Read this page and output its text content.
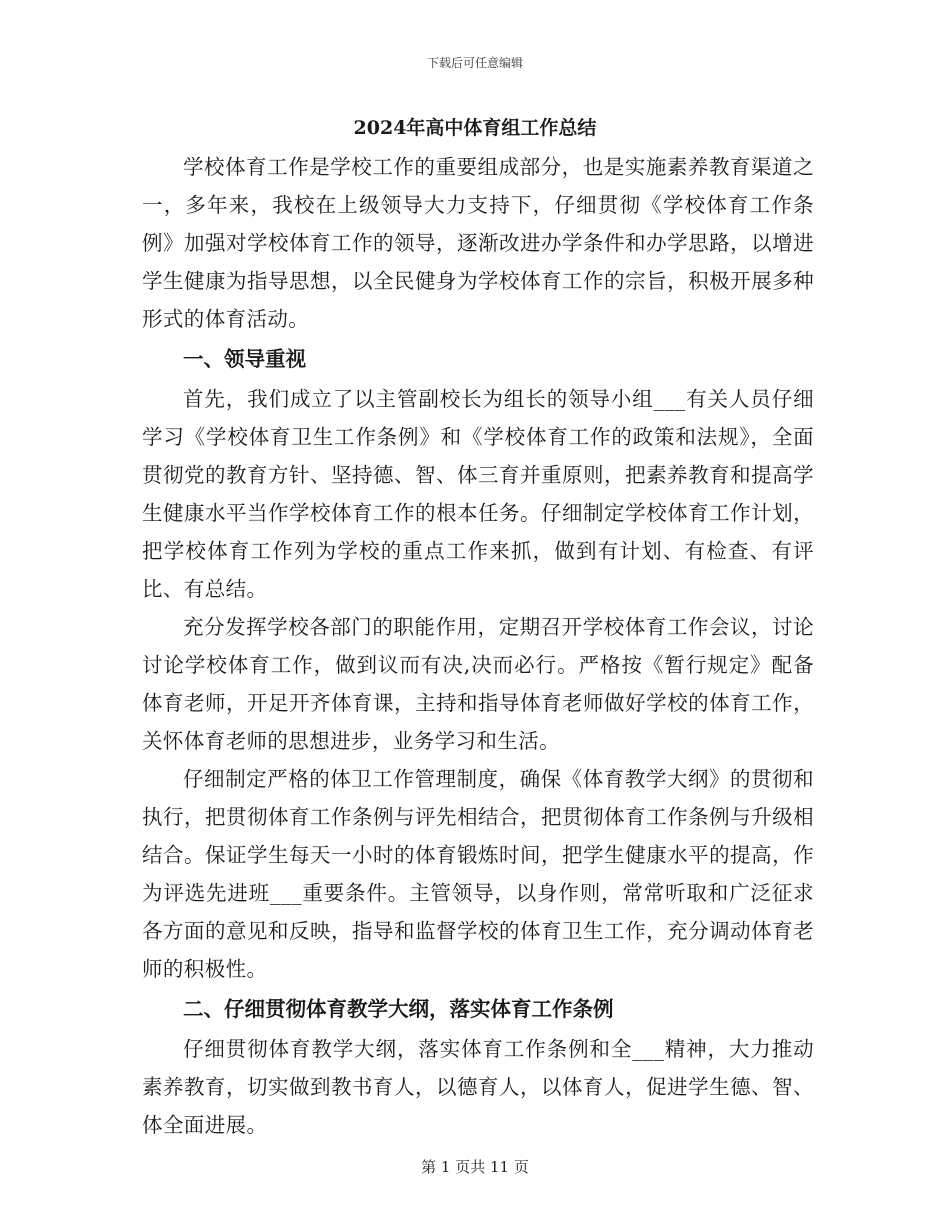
下载后可任意编辑
2024年高中体育组工作总结

学校体育工作是学校工作的重要组成部分，也是实施素养教育渠道之一，多年来，我校在上级领导大力支持下，仔细贯彻《学校体育工作条例》加强对学校体育工作的领导，逐渐改进办学条件和办学思路，以增进学生健康为指导思想，以全民健身为学校体育工作的宗旨，积极开展多种形式的体育活动。

一、领导重视

首先，我们成立了以主管副校长为组长的领导小组___有关人员仔细学习《学校体育卫生工作条例》和《学校体育工作的政策和法规》，全面贯彻党的教育方针、坚持德、智、体三育并重原则，把素养教育和提高学生健康水平当作学校体育工作的根本任务。仔细制定学校体育工作计划，把学校体育工作列为学校的重点工作来抓，做到有计划、有检查、有评比、有总结。

充分发挥学校各部门的职能作用，定期召开学校体育工作会议，讨论讨论学校体育工作，做到议而有决,决而必行。严格按《暂行规定》配备体育老师，开足开齐体育课，主持和指导体育老师做好学校的体育工作，关怀体育老师的思想进步，业务学习和生活。

仔细制定严格的体卫工作管理制度，确保《体育教学大纲》的贯彻和执行，把贯彻体育工作条例与评先相结合，把贯彻体育工作条例与升级相结合。保证学生每天一小时的体育锻炼时间，把学生健康水平的提高，作为评选先进班___重要条件。主管领导，以身作则，常常听取和广泛征求各方面的意见和反映，指导和监督学校的体育卫生工作，充分调动体育老师的积极性。

二、仔细贯彻体育教学大纲，落实体育工作条例

仔细贯彻体育教学大纲，落实体育工作条例和全___精神，大力推动素养教育，切实做到教书育人，以德育人，以体育人，促进学生德、智、体全面进展。

第 1 页共 11 页
